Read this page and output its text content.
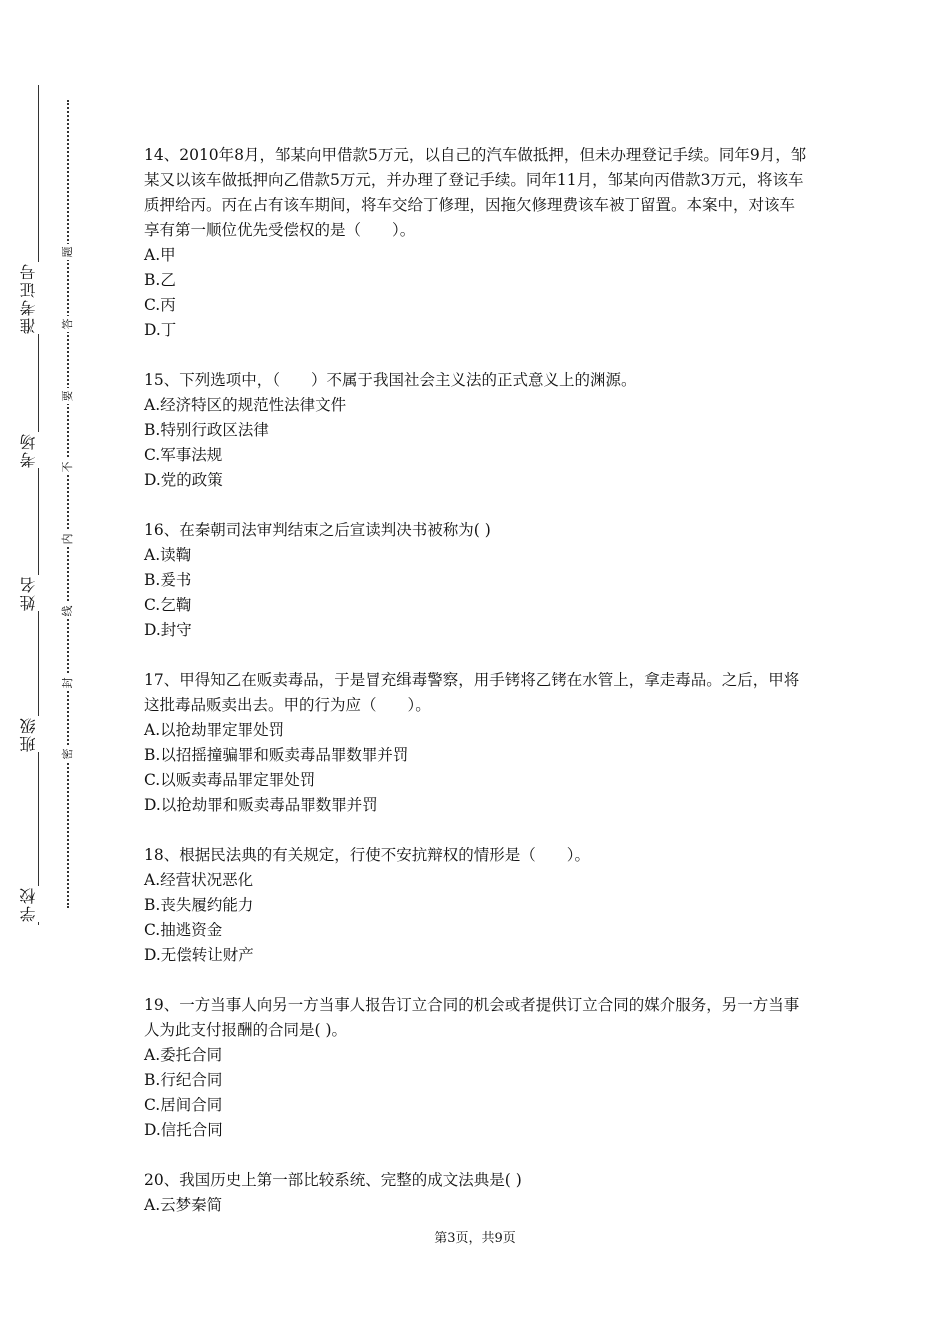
准考证号
考场
姓名
班级
学校
题
答
要
不
内
线
封
密

14、2010年8月，邹某向甲借款5万元，以自己的汽车做抵押，但未办理登记手续。同年9月，邹某又以该车做抵押向乙借款5万元，并办理了登记手续。同年11月，邹某向丙借款3万元，将该车质押给丙。丙在占有该车期间，将车交给丁修理，因拖欠修理费该车被丁留置。本案中，对该车享有第一顺位优先受偿权的是（　　）。

A.甲

B.乙

C.丙

D.丁

15、下列选项中，（　　）不属于我国社会主义法的正式意义上的渊源。

A.经济特区的规范性法律文件

B.特别行政区法律

C.军事法规

D.党的政策

16、在秦朝司法审判结束之后宣读判决书被称为( )

A.读鞫

B.爰书

C.乞鞫

D.封守

17、甲得知乙在贩卖毒品，于是冒充缉毒警察，用手铐将乙铐在水管上，拿走毒品。之后，甲将这批毒品贩卖出去。甲的行为应（　　）。

A.以抢劫罪定罪处罚

B.以招摇撞骗罪和贩卖毒品罪数罪并罚

C.以贩卖毒品罪定罪处罚

D.以抢劫罪和贩卖毒品罪数罪并罚

18、根据民法典的有关规定，行使不安抗辩权的情形是（　　）。

A.经营状况恶化

B.丧失履约能力

C.抽逃资金

D.无偿转让财产

19、一方当事人向另一方当事人报告订立合同的机会或者提供订立合同的媒介服务，另一方当事人为此支付报酬的合同是( )。

A.委托合同

B.行纪合同

C.居间合同

D.信托合同

20、我国历史上第一部比较系统、完整的成文法典是( )

A.云梦秦简

第3页，共9页
